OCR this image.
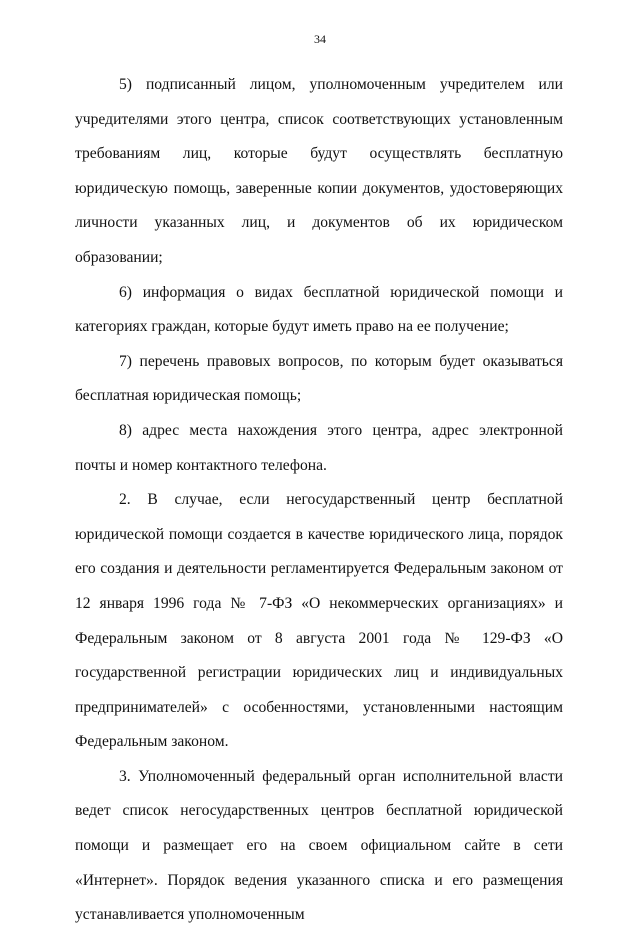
34

5) подписанный лицом, уполномоченным учредителем или учредителями этого центра, список соответствующих установленным требованиям лиц, которые будут осуществлять бесплатную юридическую помощь, заверенные копии документов, удостоверяющих личности указанных лиц, и документов об их юридическом образовании;

6) информация о видах бесплатной юридической помощи и категориях граждан, которые будут иметь право на ее получение;

7) перечень правовых вопросов, по которым будет оказываться бесплатная юридическая помощь;

8) адрес места нахождения этого центра, адрес электронной почты и номер контактного телефона.

2. В случае, если негосударственный центр бесплатной юридической помощи создается в качестве юридического лица, порядок его создания и деятельности регламентируется Федеральным законом от 12 января 1996 года № 7-ФЗ «О некоммерческих организациях» и Федеральным законом от 8 августа 2001 года № 129-ФЗ «О государственной регистрации юридических лиц и индивидуальных предпринимателей» с особенностями, установленными настоящим Федеральным законом.

3. Уполномоченный федеральный орган исполнительной власти ведет список негосударственных центров бесплатной юридической помощи и размещает его на своем официальном сайте в сети «Интернет». Порядок ведения указанного списка и его размещения устанавливается уполномоченным
